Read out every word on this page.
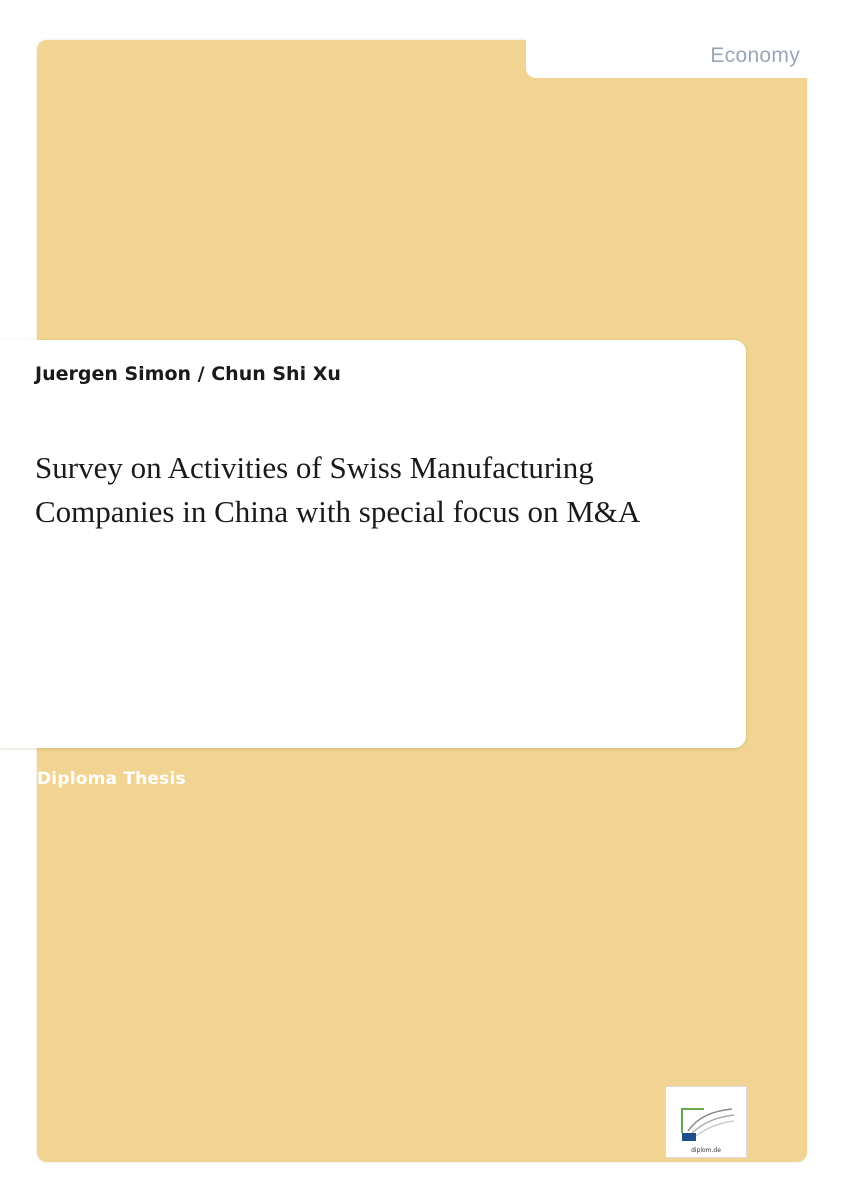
Economy
Juergen Simon / Chun Shi Xu
Survey on Activities of Swiss Manufacturing Companies in China with special focus on M&A
Diploma Thesis
diplom.de
